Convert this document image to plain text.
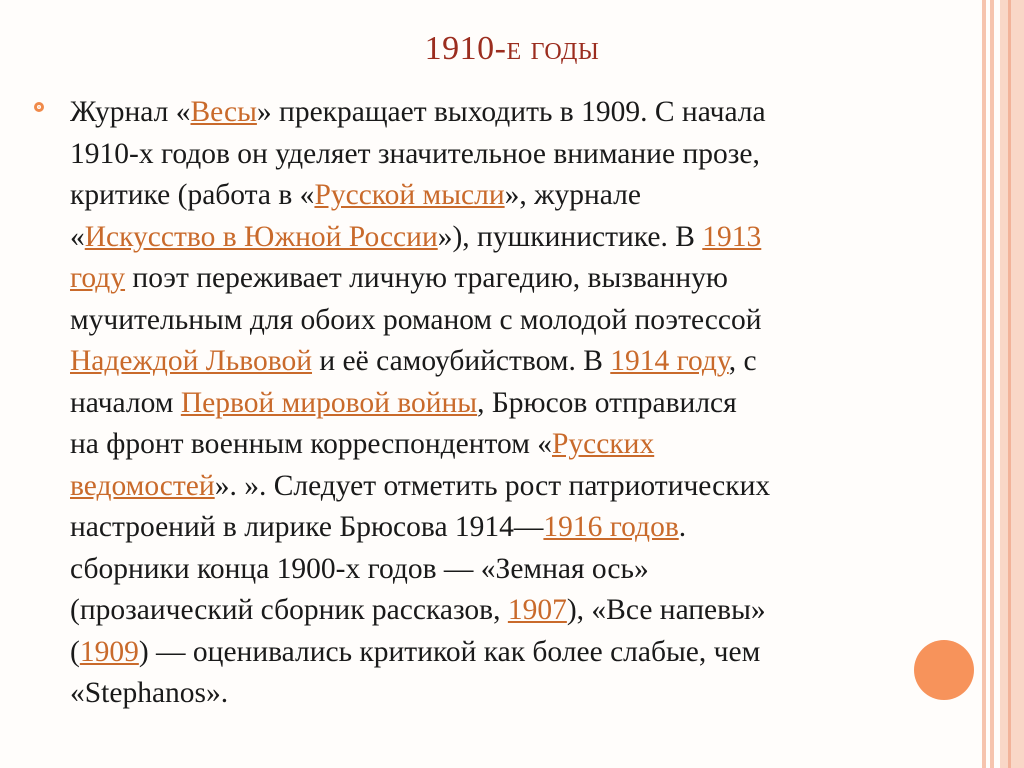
1910-е годы
Журнал «Весы» прекращает выходить в 1909. С начала
1910-х годов он уделяет значительное внимание прозе,
критике (работа в «Русской мысли», журнале
«Искусство в Южной России»), пушкинистике. В 1913
году поэт переживает личную трагедию, вызванную
мучительным для обоих романом с молодой поэтессой
Надеждой Львовой и её самоубийством. В 1914 году, с
началом Первой мировой войны, Брюсов отправился
на фронт военным корреспондентом «Русских
ведомостей». ». Следует отметить рост патриотических
настроений в лирике Брюсова 1914—1916 годов.
сборники конца 1900-х годов — «Земная ось»
(прозаический сборник рассказов, 1907), «Все напевы»
(1909) — оценивались критикой как более слабые, чем
«Stephanos».
